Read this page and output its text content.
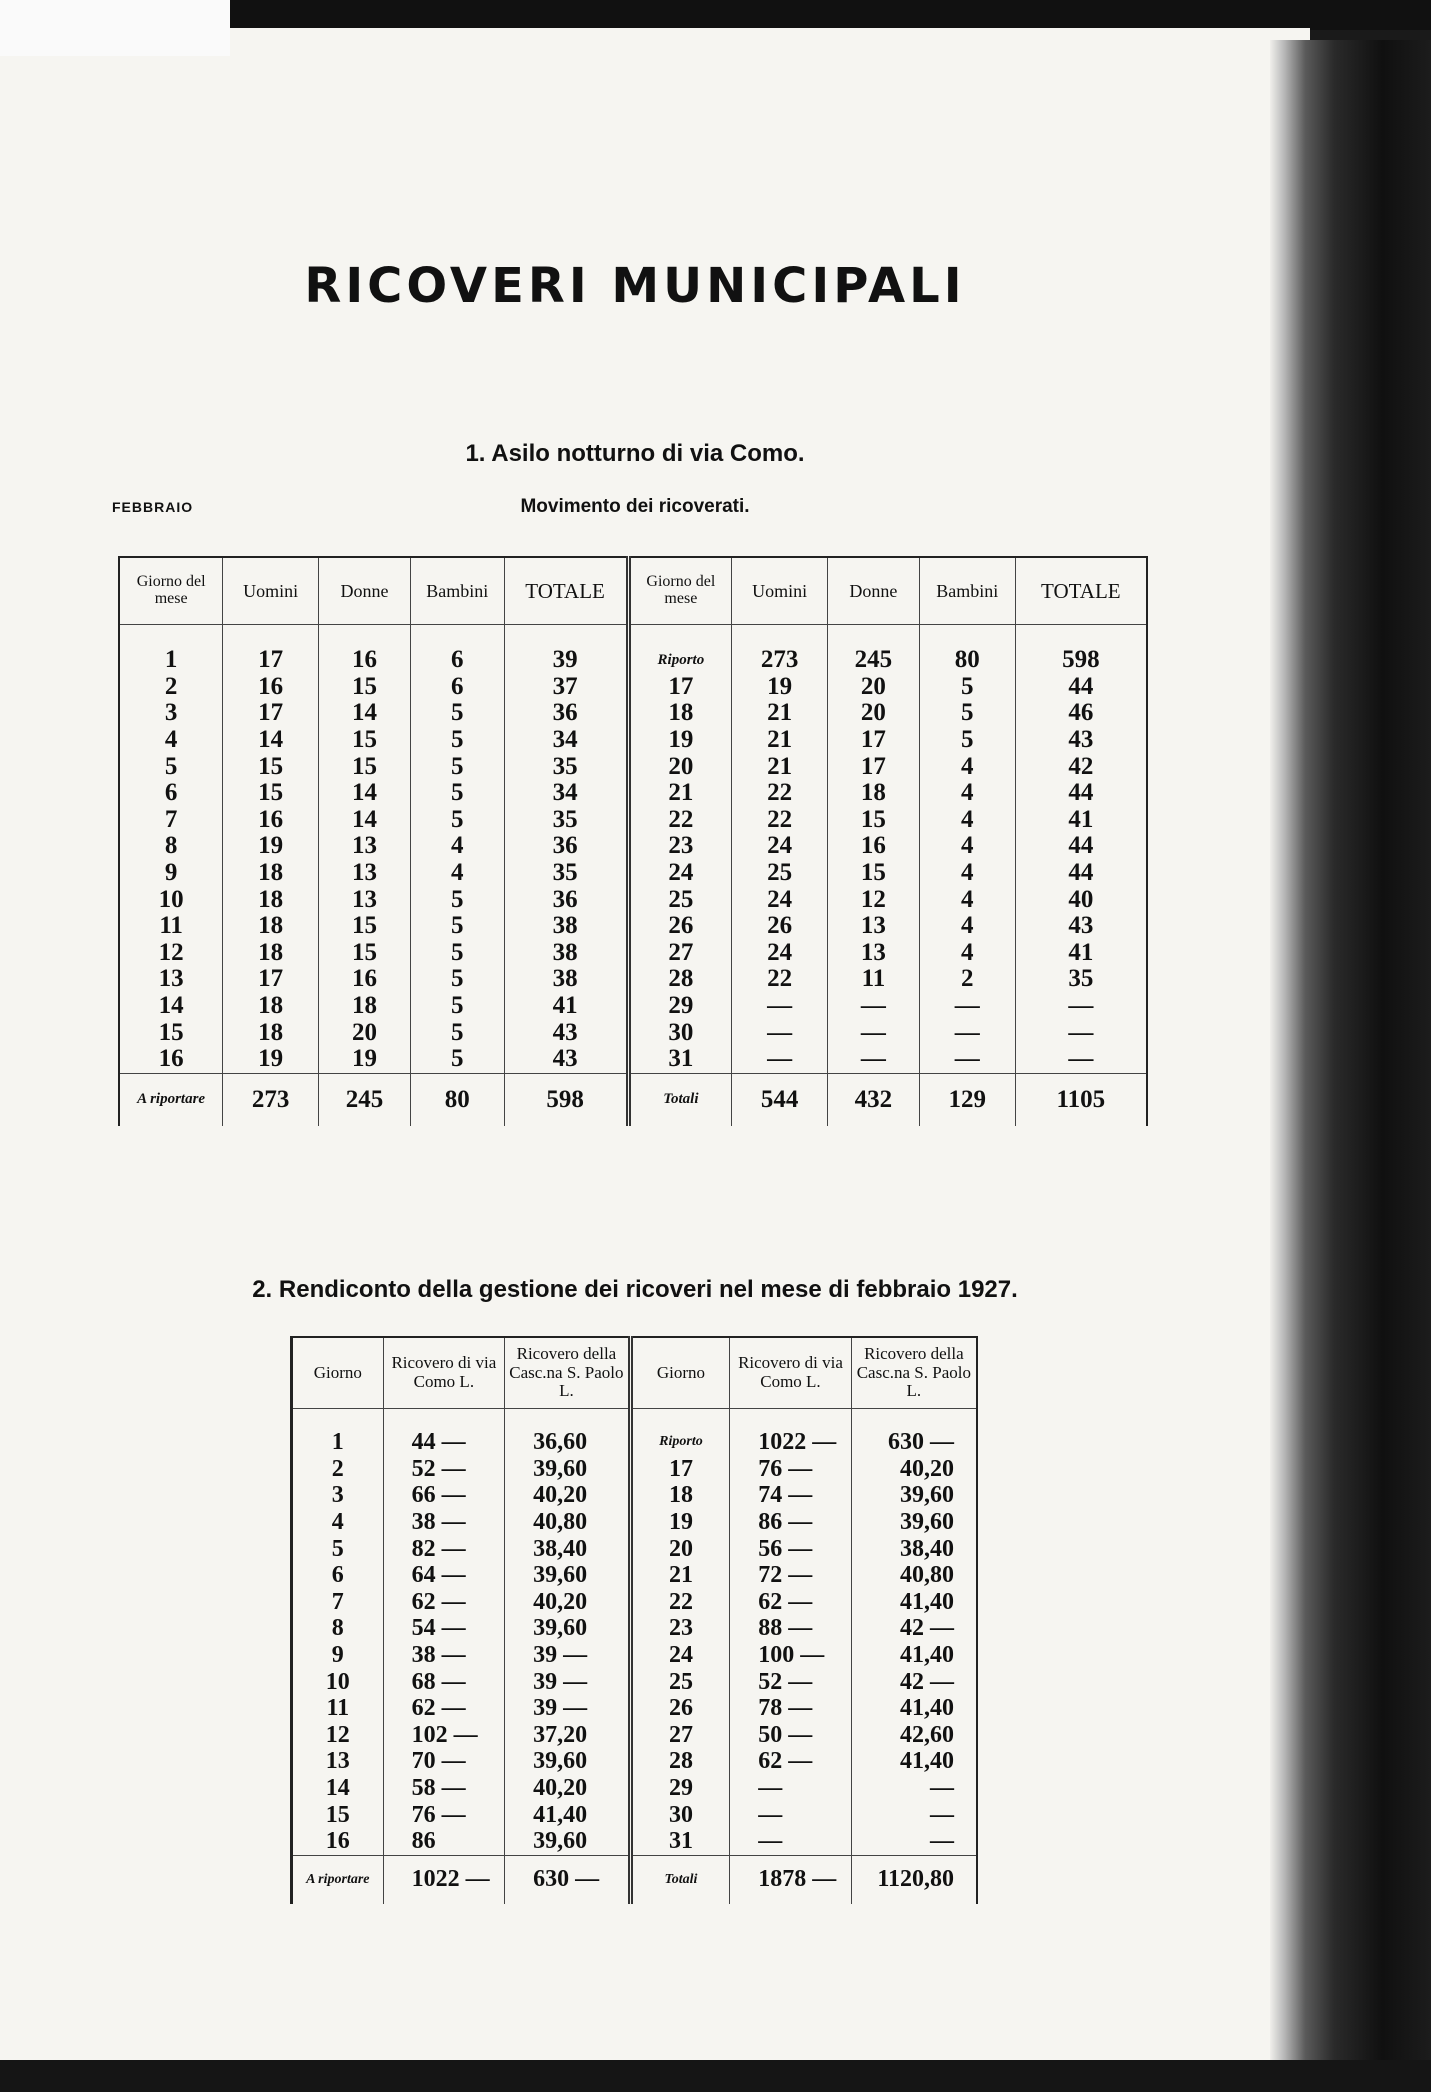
RICOVERI MUNICIPALI
1. Asilo notturno di via Como.
FEBBRAIO	Movimento dei ricoverati.
Giorno del mese	Uomini	Donne	Bambini	TOTALE	Giorno del mese	Uomini	Donne	Bambini	TOTALE
1	17	16	6	39	Riporto	273	245	80	598
2	16	15	6	37	17	19	20	5	44
3	17	14	5	36	18	21	20	5	46
4	14	15	5	34	19	21	17	5	43
5	15	15	5	35	20	21	17	4	42
6	15	14	5	34	21	22	18	4	44
7	16	14	5	35	22	22	15	4	41
8	19	13	4	36	23	24	16	4	44
9	18	13	4	35	24	25	15	4	44
10	18	13	5	36	25	24	12	4	40
11	18	15	5	38	26	26	13	4	43
12	18	15	5	38	27	24	13	4	41
13	17	16	5	38	28	22	11	2	35
14	18	18	5	41	29	—	—	—	—
15	18	20	5	43	30	—	—	—	—
16	19	19	5	43	31	—	—	—	—
A riportare	273	245	80	598	Totali	544	432	129	1105
2. Rendiconto della gestione dei ricoveri nel mese di febbraio 1927.
Giorno	Ricovero di via Como L.	Ricovero della Casc.na S. Paolo L.	Giorno	Ricovero di via Como L.	Ricovero della Casc.na S. Paolo L.
1	44 —	36,60	Riporto	1022 —	630 —
2	52 —	39,60	17	76 —	40,20
3	66 —	40,20	18	74 —	39,60
4	38 —	40,80	19	86 —	39,60
5	82 —	38,40	20	56 —	38,40
6	64 —	39,60	21	72 —	40,80
7	62 —	40,20	22	62 —	41,40
8	54 —	39,60	23	88 —	42 —
9	38 —	39 —	24	100 —	41,40
10	68 —	39 —	25	52 —	42 —
11	62 —	39 —	26	78 —	41,40
12	102 —	37,20	27	50 —	42,60
13	70 —	39,60	28	62 —	41,40
14	58 —	40,20	29	—	—
15	76 —	41,40	30	—	—
16	86	39,60	31	—	—
A riportare	1022 —	630 —	Totali	1878 —	1120,80
